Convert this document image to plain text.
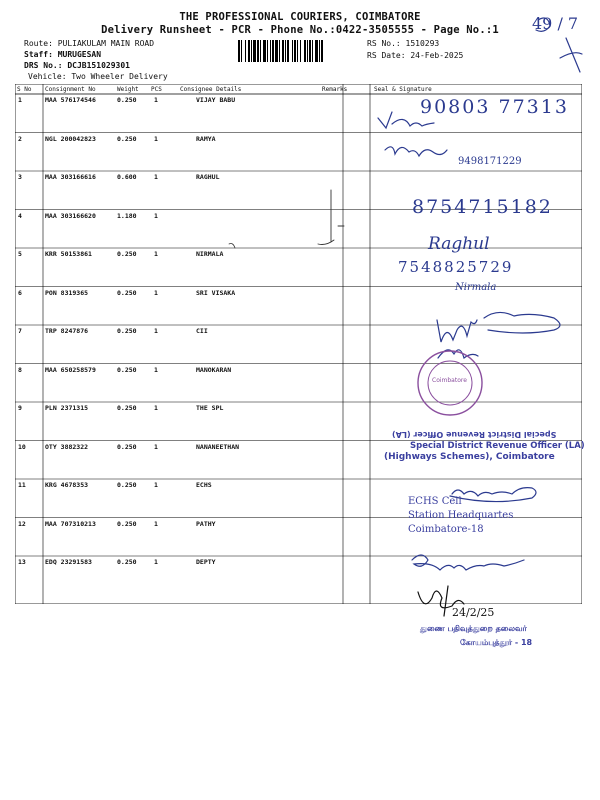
THE PROFESSIONAL COURIERS, COIMBATORE
Delivery Runsheet - PCR - Phone No.:0422-3505555 - Page No.:1
Route: PULIAKULAM MAIN ROAD
Staff: MURUGESAN
DRS No.: DCJB151029301
Vehicle: Two Wheeler Delivery
RS No.: 1510293
RS Date: 24-Feb-2025
S No Consignment No	Weight PCS	Consignee Details	Remarks	Seal & Signature
1	MAA 576174546	0.250	1	VIJAY BABU
2	NGL 200042823	0.250	1	RAMYA
3	MAA 303166616	0.600	1	RAGHUL
4	MAA 303166620	1.180	1
5	KRR 50153861	0.250	1	NIRMALA
6	PON 8319365	0.250	1	SRI VISAKA
7	TRP 8247876	0.250	1	CII
8	MAA 650258579	0.250	1	MANOKARAN
9	PLN 2371315	0.250	1	THE SPL
10	OTY 3882322	0.250	1	NANANEETHAN
11	KRG 4678353	0.250	1	ECHS
12	MAA 707310213	0.250	1	PATHY
13	EDQ 23291583	0.250	1	DEPTY
49 / 7
90803 77313
9498171229
8754715182
Raghul
7548825729
Nirmala
24/2/25
Coimbatore
Special District Revenue Officer (LA)
Special District Revenue Officer (LA)
(Highways Schemes), Coimbatore
ECHS Cell
Station Headquartes
Coimbatore-18
துணை பதிவுத்துறை தலைவர்
கோயம்புத்தூர் - 18
